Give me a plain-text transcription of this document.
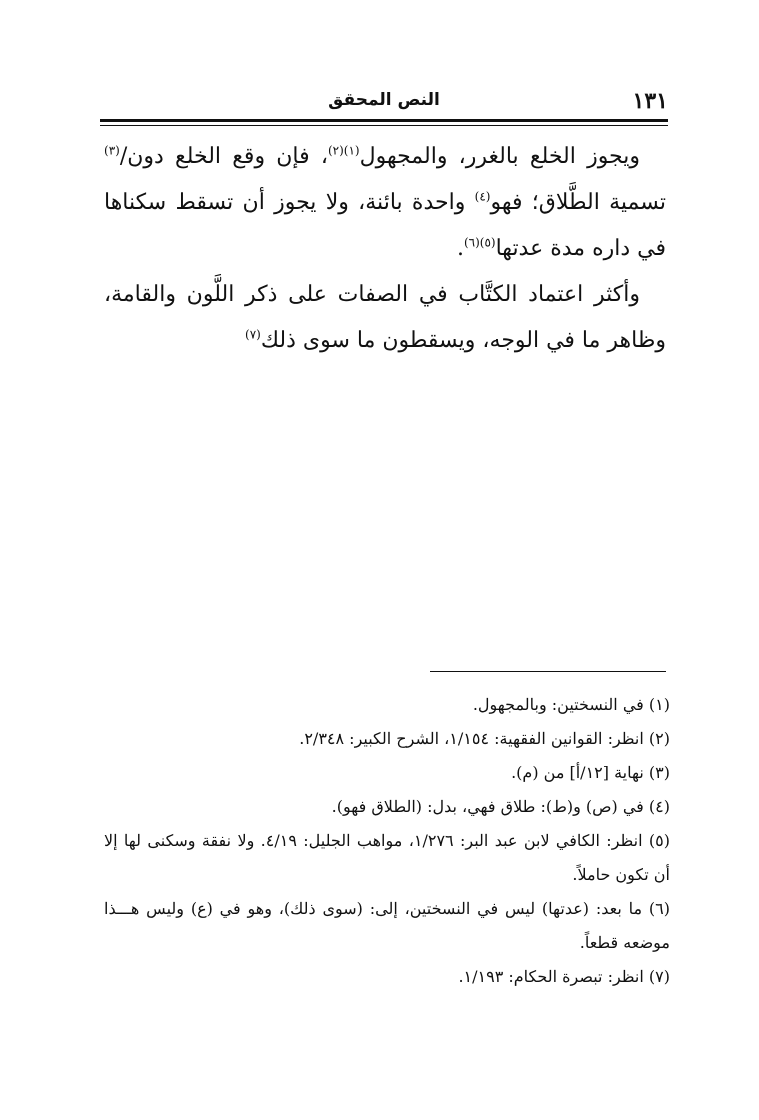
١٣١
النص المحقق

ويجوز الخلع بالغرر، والمجهول$^{(١)(٢)}$، فإن وقع الخلع دون/$^{(٣)}$ تسمية الطَّلاق؛ فهو$^{(٤)}$ واحدة بائنة، ولا يجوز أن تسقط سكناها في داره مدة عدتها$^{(٥)(٦)}$.

وأكثر اعتماد الكتَّاب في الصفات على ذكر اللَّون والقامة، وظاهر ما في الوجه، ويسقطون ما سوى ذلك$^{(٧)}$

(١) في النسختين: وبالمجهول.

(٢) انظر: القوانين الفقهية: ١/١٥٤، الشرح الكبير: ٢/٣٤٨.

(٣) نهاية [١٢/أ] من (م).

(٤) في (ص) و(ط): طلاق فهي، بدل: (الطلاق فهو).

(٥) انظر: الكافي لابن عبد البر: ١/٢٧٦، مواهب الجليل: ٤/١٩. ولا نفقة وسكنى لها إلا أن تكون حاملاً.

(٦) ما بعد: (عدتها) ليس في النسختين، إلى: (سوى ذلك)، وهو في (ع) وليس هـــذا موضعه قطعاً.

(٧) انظر: تبصرة الحكام: ١/١٩٣.
